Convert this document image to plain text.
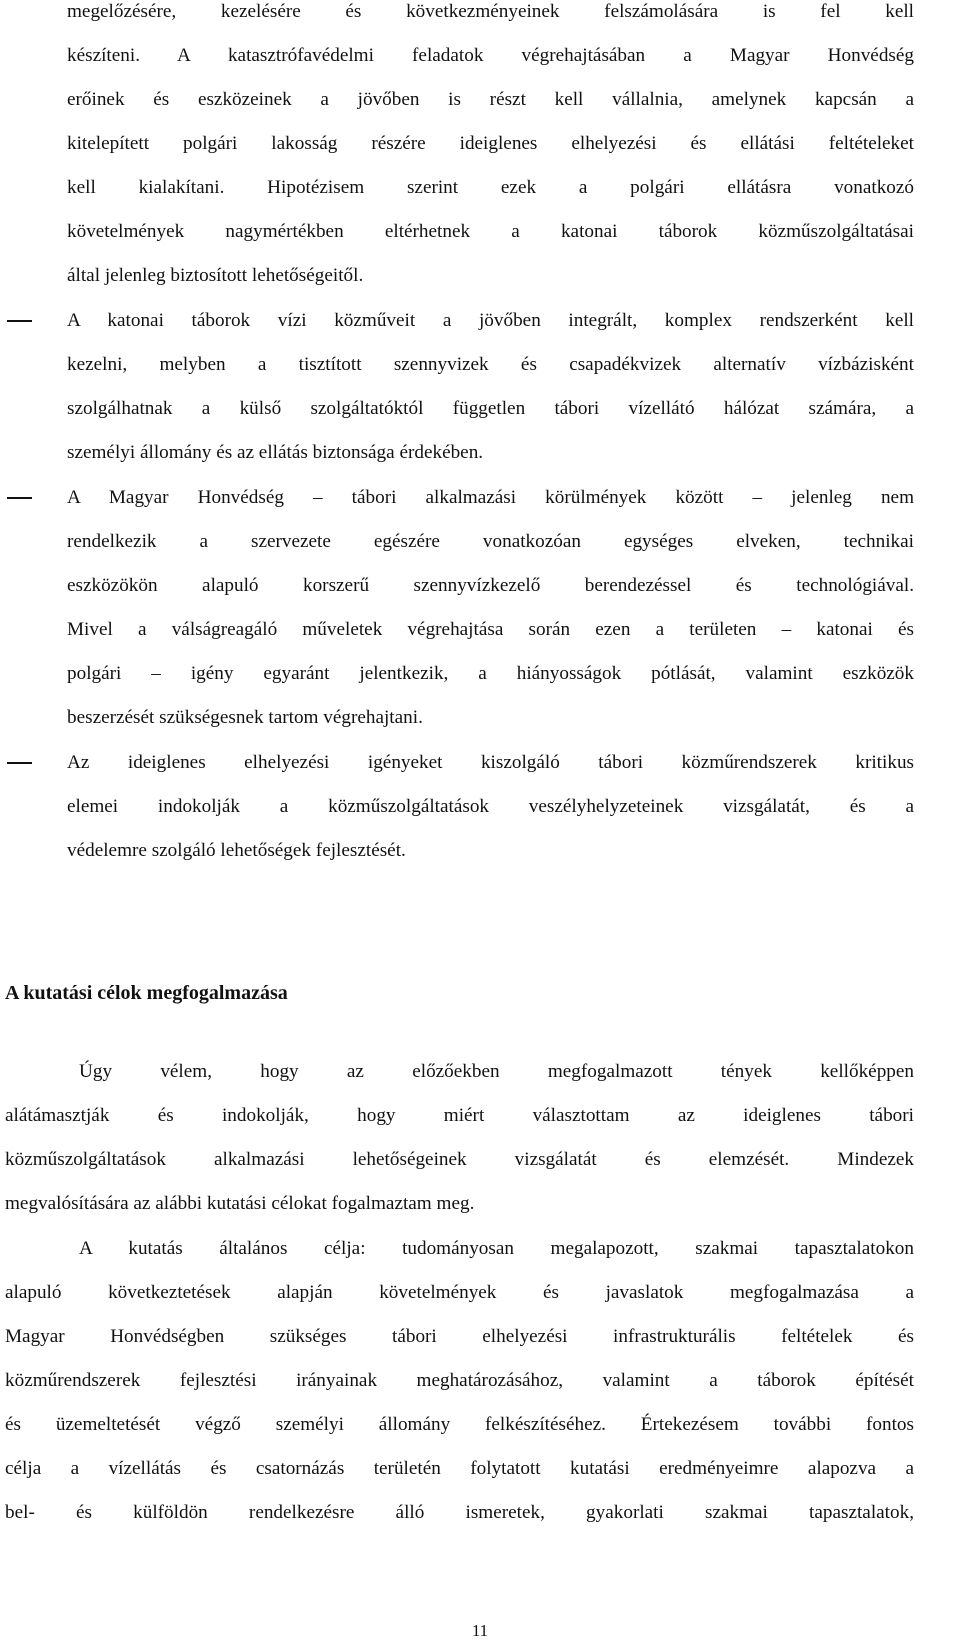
megelőzésére, kezelésére és következményeinek felszámolására is fel kell
készíteni. A katasztrófavédelmi feladatok végrehajtásában a Magyar Honvédség
erőinek és eszközeinek a jövőben is részt kell vállalnia, amelynek kapcsán a
kitelepített polgári lakosság részére ideiglenes elhelyezési és ellátási feltételeket
kell kialakítani. Hipotézisem szerint ezek a polgári ellátásra vonatkozó
követelmények nagymértékben eltérhetnek a katonai táborok közműszolgáltatásai
által jelenleg biztosított lehetőségeitől.
A katonai táborok vízi közműveit a jövőben integrált, komplex rendszerként kell
kezelni, melyben a tisztított szennyvizek és csapadékvizek alternatív vízbázisként
szolgálhatnak a külső szolgáltatóktól független tábori vízellátó hálózat számára, a
személyi állomány és az ellátás biztonsága érdekében.
A Magyar Honvédség – tábori alkalmazási körülmények között – jelenleg nem
rendelkezik a szervezete egészére vonatkozóan egységes elveken, technikai
eszközökön alapuló korszerű szennyvízkezelő berendezéssel és technológiával.
Mivel a válságreagáló műveletek végrehajtása során ezen a területen – katonai és
polgári – igény egyaránt jelentkezik, a hiányosságok pótlását, valamint eszközök
beszerzését szükségesnek tartom végrehajtani.
Az ideiglenes elhelyezési igényeket kiszolgáló tábori közműrendszerek kritikus
elemei indokolják a közműszolgáltatások veszélyhelyzeteinek vizsgálatát, és a
védelemre szolgáló lehetőségek fejlesztését.
A kutatási célok megfogalmazása
Úgy vélem, hogy az előzőekben megfogalmazott tények kellőképpen
alátámasztják és indokolják, hogy miért választottam az ideiglenes tábori
közműszolgáltatások alkalmazási lehetőségeinek vizsgálatát és elemzését. Mindezek
megvalósítására az alábbi kutatási célokat fogalmaztam meg.
A kutatás általános célja: tudományosan megalapozott, szakmai tapasztalatokon
alapuló következtetések alapján követelmények és javaslatok megfogalmazása a
Magyar Honvédségben szükséges tábori elhelyezési infrastrukturális feltételek és
közműrendszerek fejlesztési irányainak meghatározásához, valamint a táborok építését
és üzemeltetését végző személyi állomány felkészítéséhez. Értekezésem további fontos
célja a vízellátás és csatornázás területén folytatott kutatási eredményeimre alapozva a
bel- és külföldön rendelkezésre álló ismeretek, gyakorlati szakmai tapasztalatok,
11
